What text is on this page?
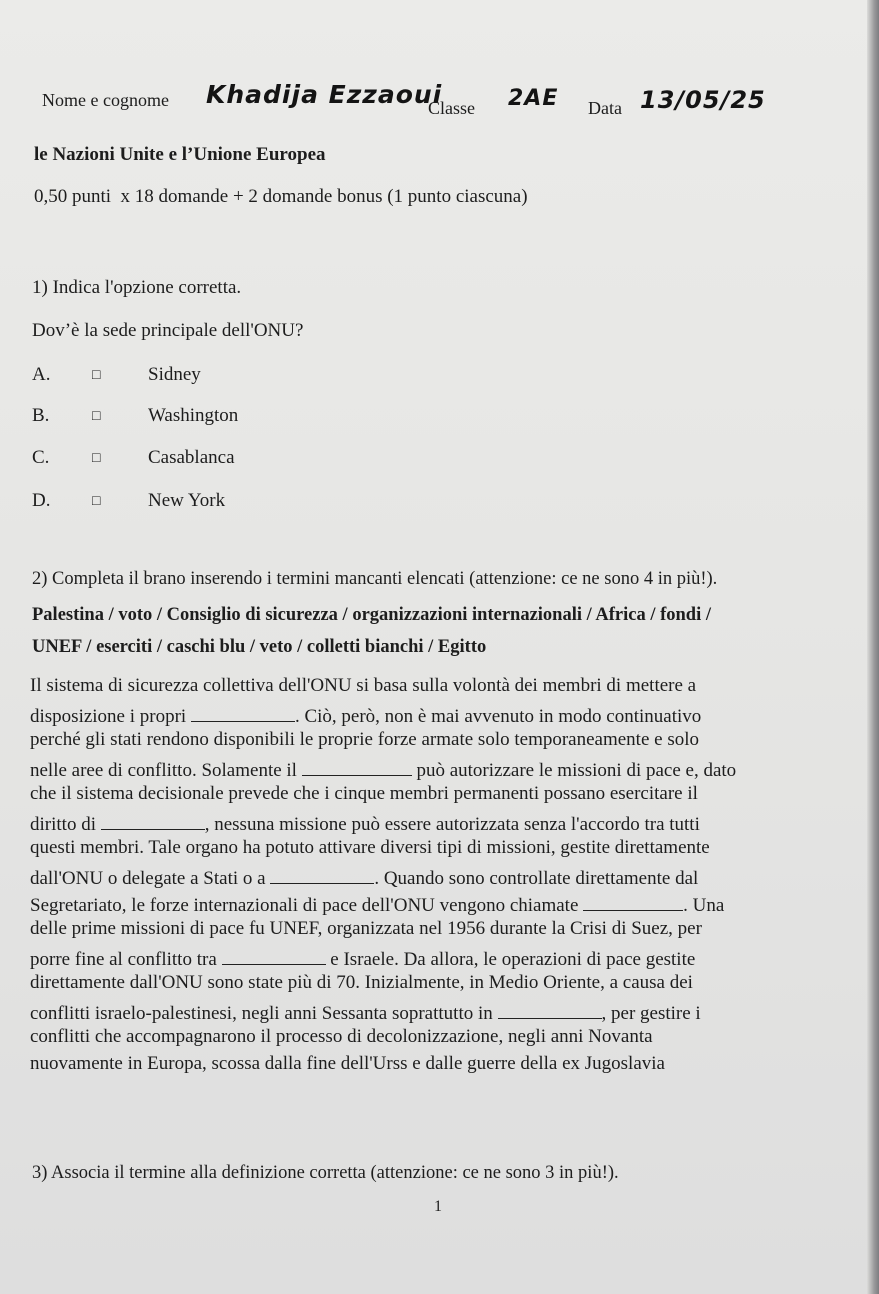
Nome e cognome Khadija Ezzaoui
Classe 2AE Data 13/05/25
le Nazioni Unite e l’Unione Europea
0,50 punti  x 18 domande + 2 domande bonus (1 punto ciascuna)
1) Indica l'opzione corretta.
Dov’è la sede principale dell'ONU?
A.	□	Sidney
B.	□	Washington
C.	□	Casablanca
D.	□	New York
2) Completa il brano inserendo i termini mancanti elencati (attenzione: ce ne sono 4 in più!).
Palestina / voto / Consiglio di sicurezza / organizzazioni internazionali / Africa / fondi /
UNEF / eserciti / caschi blu / veto / colletti bianchi / Egitto
Il sistema di sicurezza collettiva dell'ONU si basa sulla volontà dei membri di mettere a
disposizione i propri	. Ciò, però, non è mai avvenuto in modo continuativo
perché gli stati rendono disponibili le proprie forze armate solo temporaneamente e solo
nelle aree di conflitto. Solamente il	può autorizzare le missioni di pace e, dato
che il sistema decisionale prevede che i cinque membri permanenti possano esercitare il
diritto di	, nessuna missione può essere autorizzata senza l'accordo tra tutti
questi membri. Tale organo ha potuto attivare diversi tipi di missioni, gestite direttamente
dall'ONU o delegate a Stati o a	. Quando sono controllate direttamente dal
Segretariato, le forze internazionali di pace dell'ONU vengono chiamate	. Una
delle prime missioni di pace fu UNEF, organizzata nel 1956 durante la Crisi di Suez, per
porre fine al conflitto tra	e Israele. Da allora, le operazioni di pace gestite
direttamente dall'ONU sono state più di 70. Inizialmente, in Medio Oriente, a causa dei
conflitti israelo-palestinesi, negli anni Sessanta soprattutto in	, per gestire i
conflitti che accompagnarono il processo di decolonizzazione, negli anni Novanta
nuovamente in Europa, scossa dalla fine dell'Urss e dalle guerre della ex Jugoslavia
3) Associa il termine alla definizione corretta (attenzione: ce ne sono 3 in più!).
1
